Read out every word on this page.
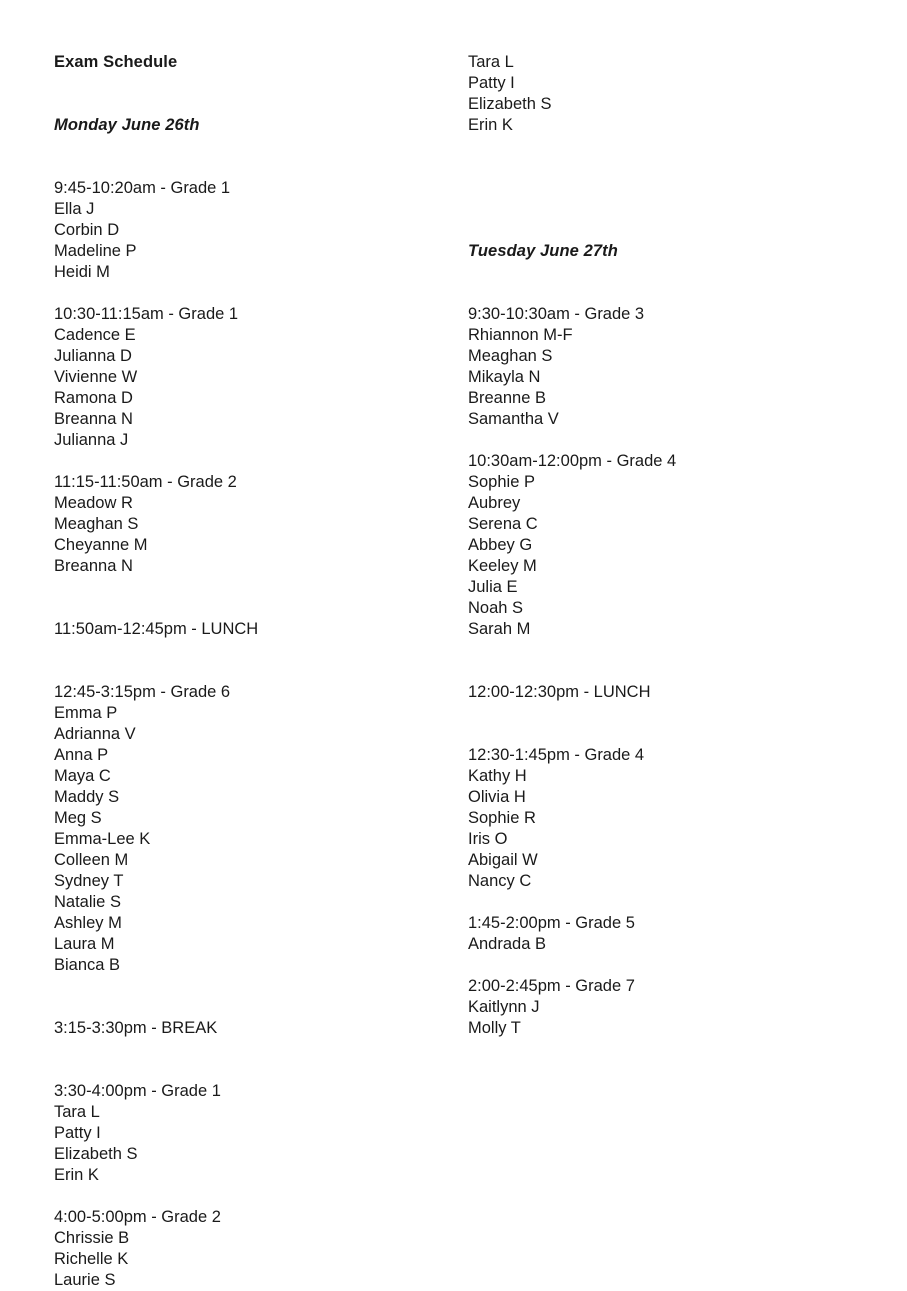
Exam Schedule
Monday June 26th
9:45-10:20am - Grade 1
Ella J
Corbin D
Madeline P
Heidi M
10:30-11:15am - Grade 1
Cadence E
Julianna D
Vivienne W
Ramona D
Breanna N
Julianna J
11:15-11:50am - Grade 2
Meadow R
Meaghan S
Cheyanne M
Breanna N
11:50am-12:45pm - LUNCH
12:45-3:15pm - Grade 6
Emma P
Adrianna V
Anna P
Maya C
Maddy S
Meg S
Emma-Lee K
Colleen M
Sydney T
Natalie S
Ashley M
Laura M
Bianca B
3:15-3:30pm - BREAK
3:30-4:00pm - Grade 1
Tara L
Patty I
Elizabeth S
Erin K
4:00-5:00pm - Grade 2
Chrissie B
Richelle K
Laurie S
Tara L
Patty I
Elizabeth S
Erin K
Tuesday June 27th
9:30-10:30am - Grade 3
Rhiannon M-F
Meaghan S
Mikayla N
Breanne B
Samantha V
10:30am-12:00pm - Grade 4
Sophie P
Aubrey
Serena C
Abbey G
Keeley M
Julia E
Noah S
Sarah M
12:00-12:30pm - LUNCH
12:30-1:45pm - Grade 4
Kathy H
Olivia H
Sophie R
Iris O
Abigail W
Nancy C
1:45-2:00pm - Grade 5
Andrada B
2:00-2:45pm - Grade 7
Kaitlynn J
Molly T
